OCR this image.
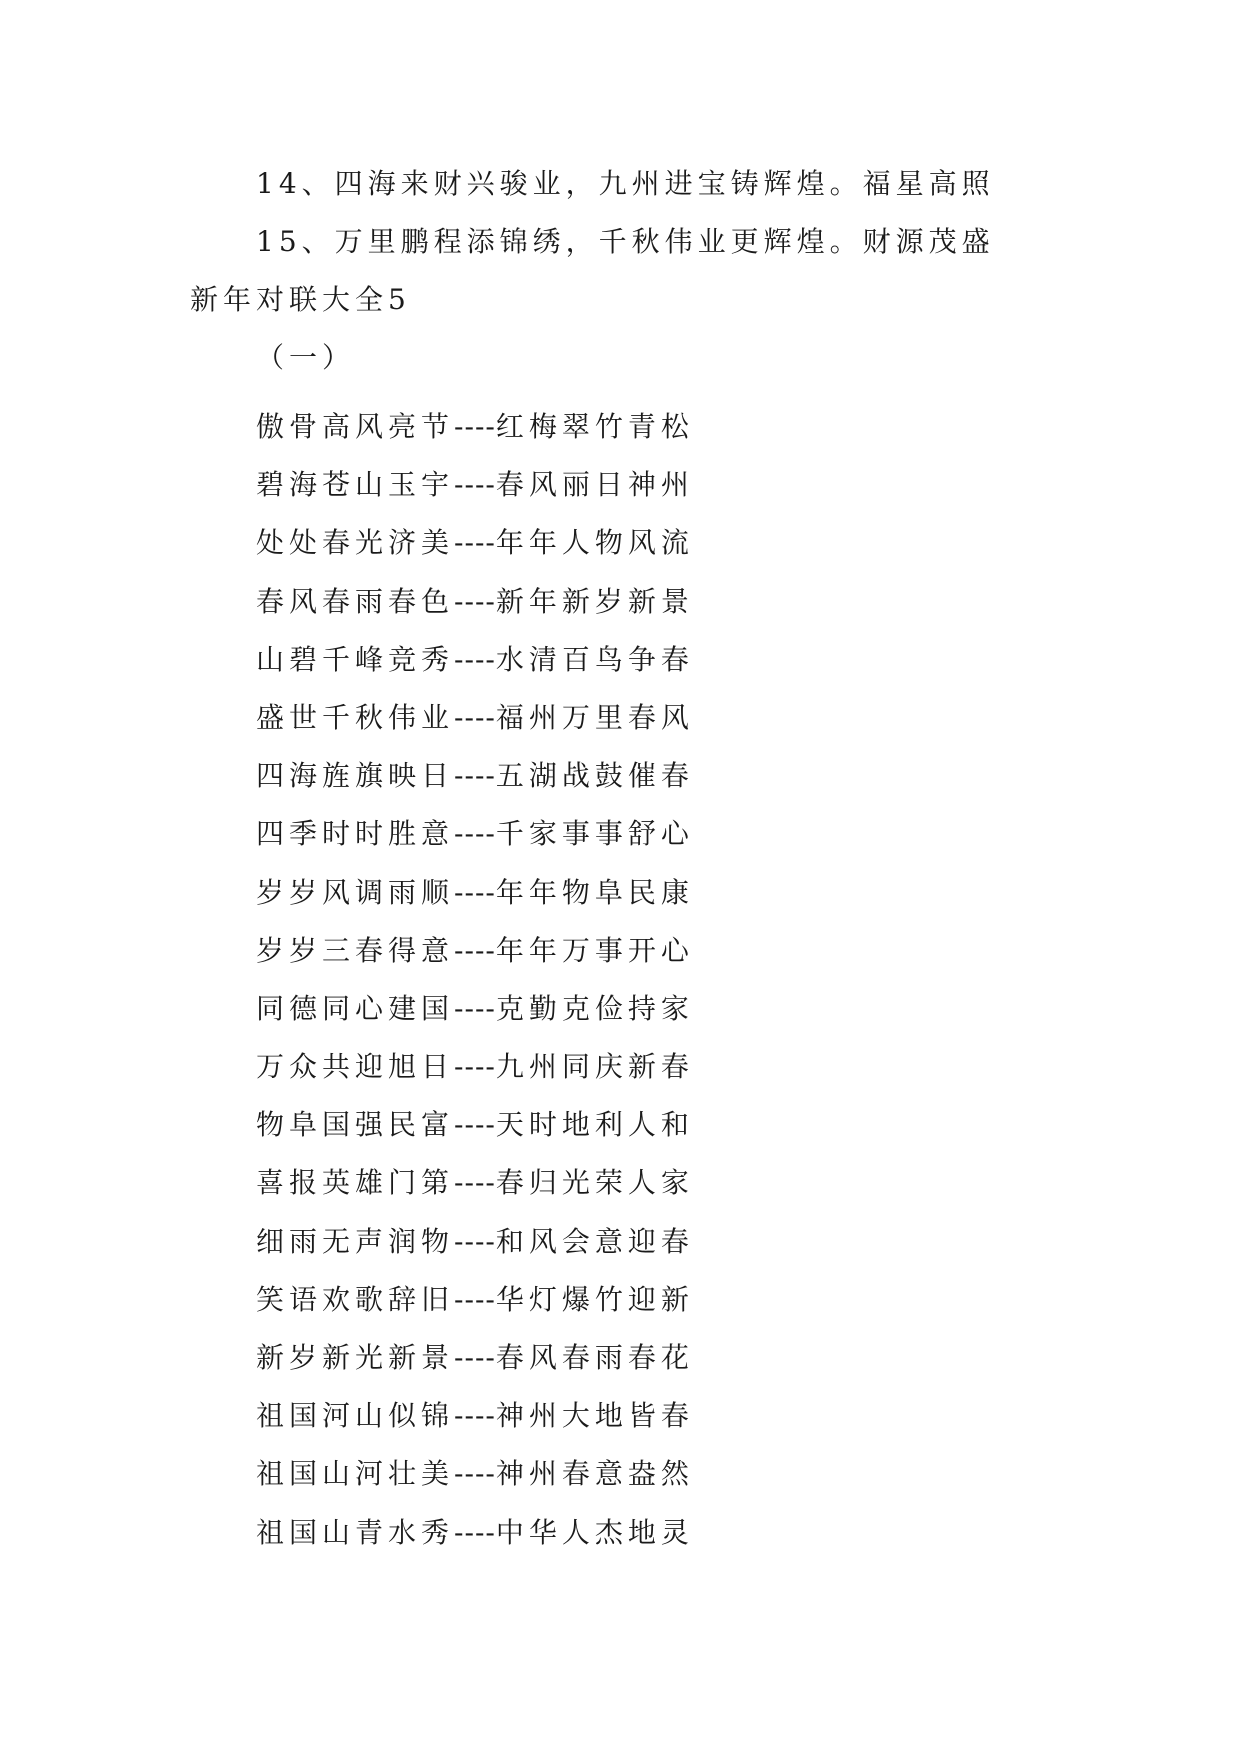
14、四海来财兴骏业，九州进宝铸辉煌。福星高照
15、万里鹏程添锦绣，千秋伟业更辉煌。财源茂盛
新年对联大全5
（一）
傲骨高风亮节----红梅翠竹青松
碧海苍山玉宇----春风丽日神州
处处春光济美----年年人物风流
春风春雨春色----新年新岁新景
山碧千峰竞秀----水清百鸟争春
盛世千秋伟业----福州万里春风
四海旌旗映日----五湖战鼓催春
四季时时胜意----千家事事舒心
岁岁风调雨顺----年年物阜民康
岁岁三春得意----年年万事开心
同德同心建国----克勤克俭持家
万众共迎旭日----九州同庆新春
物阜国强民富----天时地利人和
喜报英雄门第----春归光荣人家
细雨无声润物----和风会意迎春
笑语欢歌辞旧----华灯爆竹迎新
新岁新光新景----春风春雨春花
祖国河山似锦----神州大地皆春
祖国山河壮美----神州春意盎然
祖国山青水秀----中华人杰地灵
